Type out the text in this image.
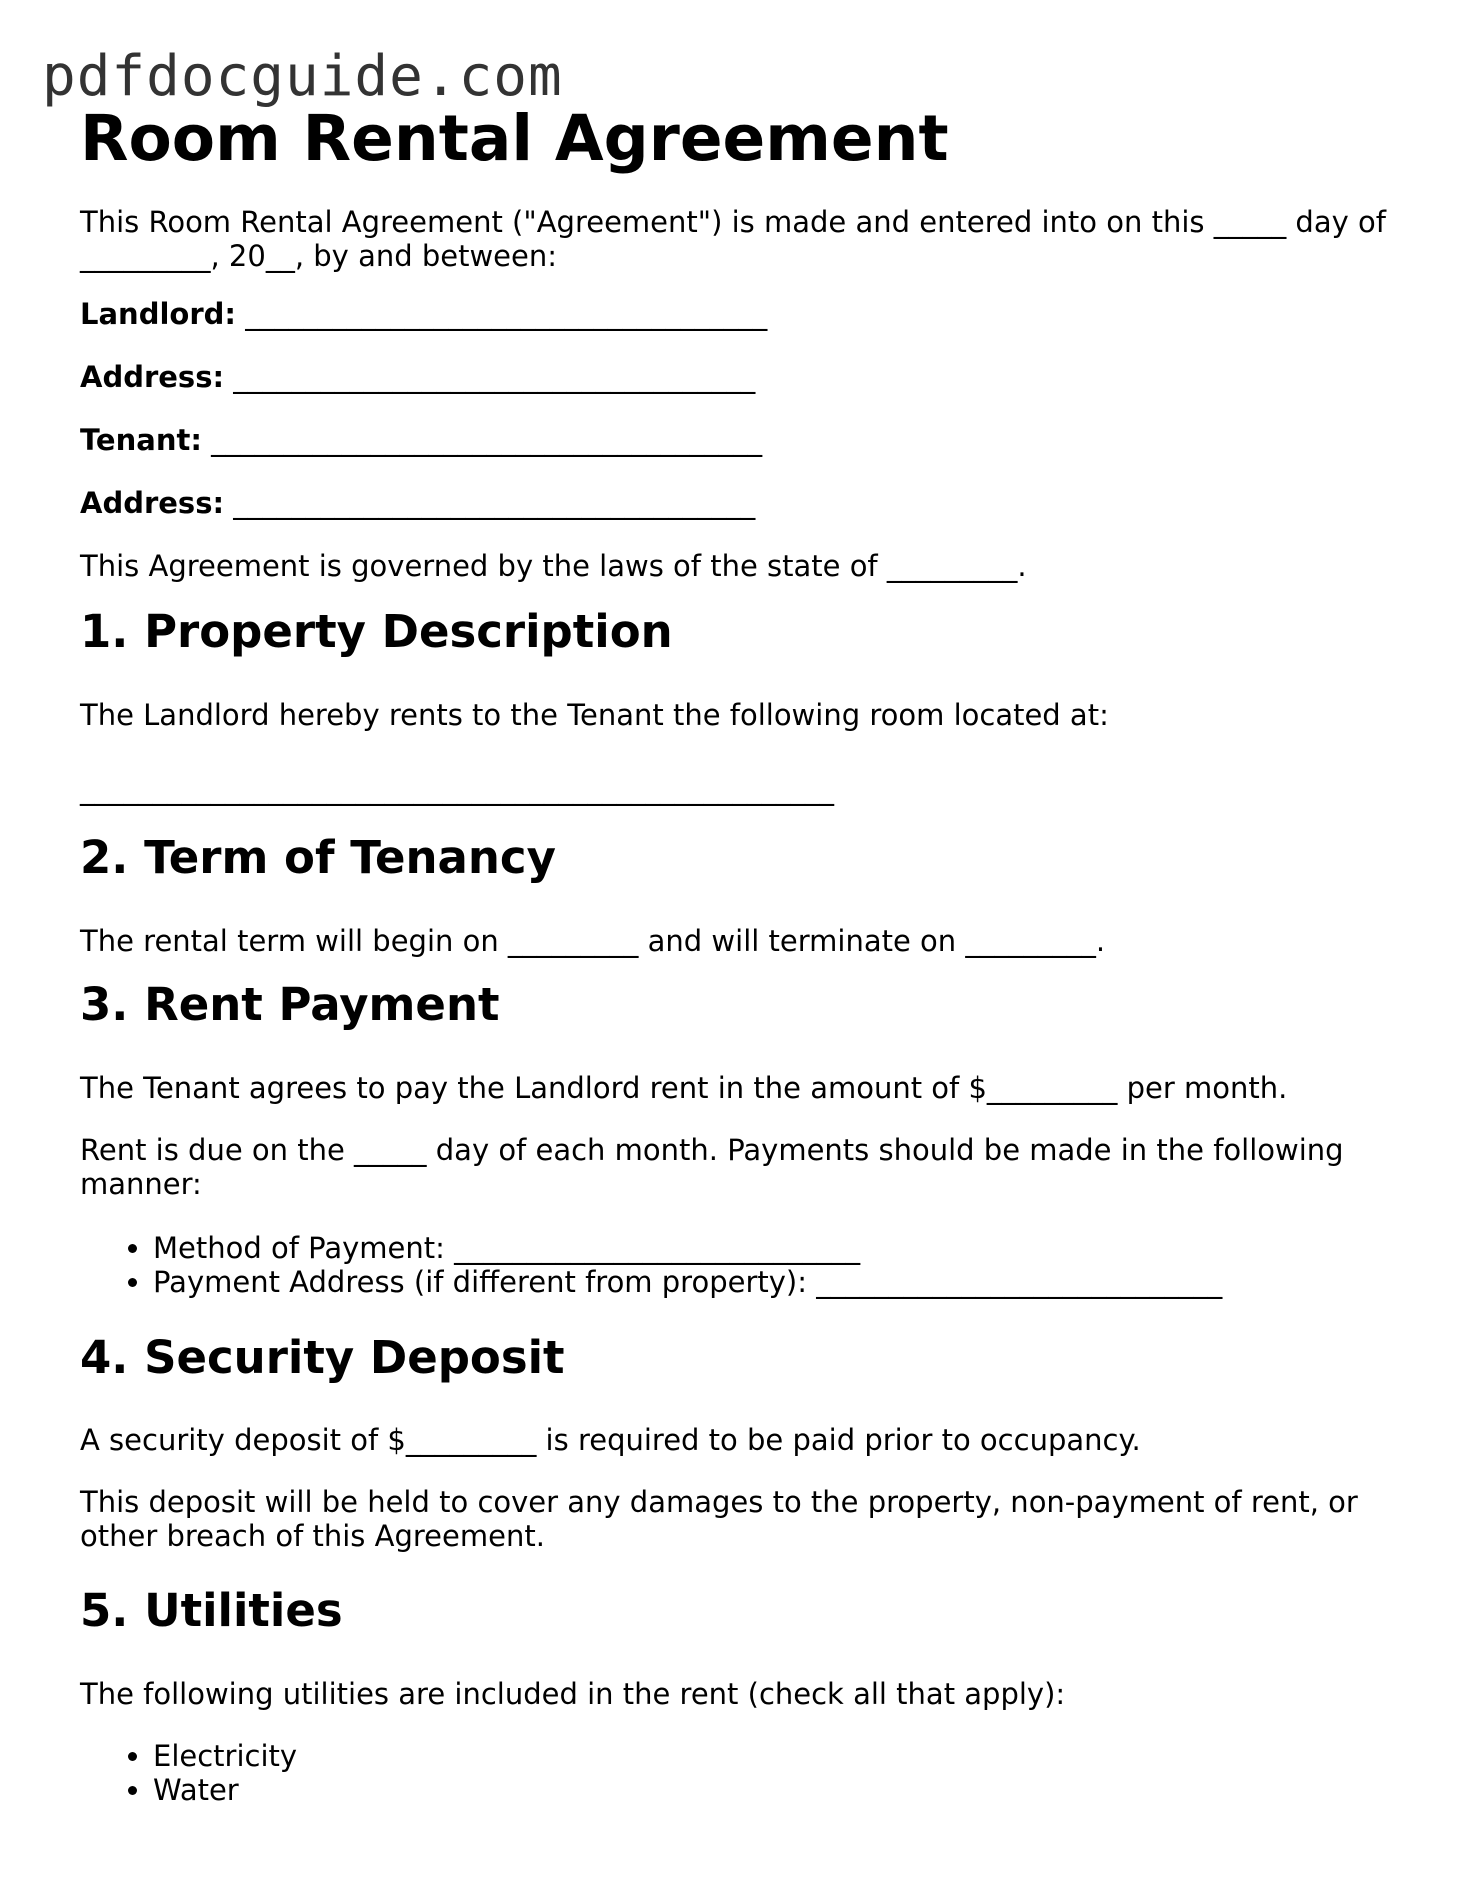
pdfdocguide.com
Room Rental Agreement

This Room Rental Agreement ("Agreement") is made and entered into on this _____ day of
_________, 20__, by and between:

Landlord: ____________________________________

Address: ____________________________________

Tenant: ______________________________________

Address: ____________________________________

This Agreement is governed by the laws of the state of _________.

1. Property Description

The Landlord hereby rents to the Tenant the following room located at:

____________________________________________________

2. Term of Tenancy

The rental term will begin on _________ and will terminate on _________.

3. Rent Payment

The Tenant agrees to pay the Landlord rent in the amount of $_________ per month.

Rent is due on the _____ day of each month. Payments should be made in the following
manner:

• Method of Payment: ____________________________
• Payment Address (if different from property): ____________________________
4. Security Deposit

A security deposit of $_________ is required to be paid prior to occupancy.

This deposit will be held to cover any damages to the property, non-payment of rent, or
other breach of this Agreement.

5. Utilities

The following utilities are included in the rent (check all that apply):

• Electricity
• Water
